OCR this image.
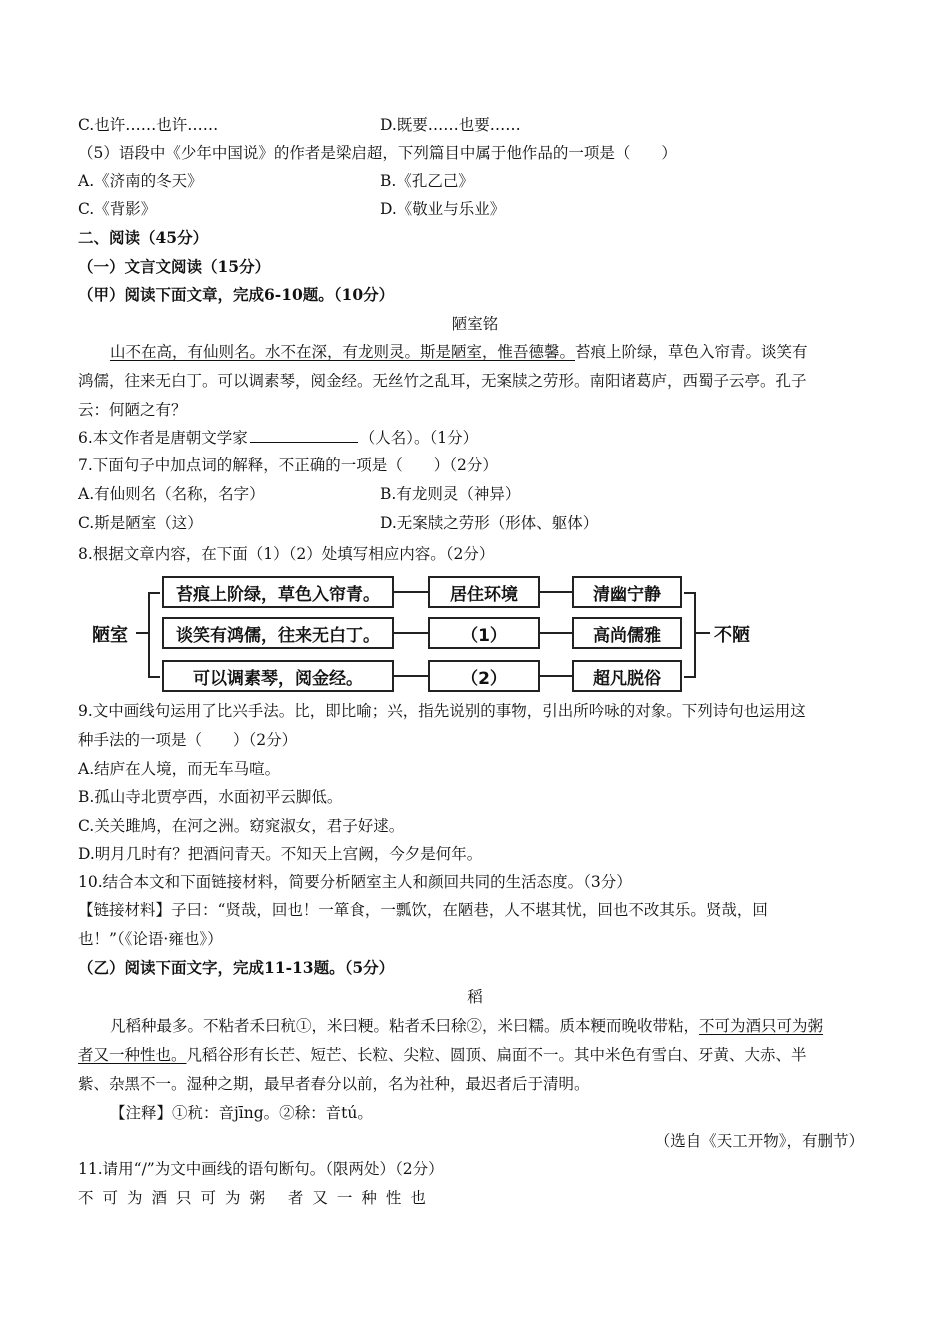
C.也许……也许……	D.既要……也要……
（5）语段中《少年中国说》的作者是梁启超，下列篇目中属于他作品的一项是（　　）
A.《济南的冬天》	B.《孔乙己》
C.《背影》	D.《敬业与乐业》
二、阅读（45分）
（一）文言文阅读（15分）
（甲）阅读下面文章，完成6-10题。（10分）
陋室铭
山不在高，有仙则名。水不在深，有龙则灵。斯是陋室，惟吾德馨。苔痕上阶绿，草色入帘青。谈笑有
鸿儒，往来无白丁。可以调素琴，阅金经。无丝竹之乱耳，无案牍之劳形。南阳诸葛庐，西蜀子云亭。孔子
云：何陋之有？
6.本文作者是唐朝文学家	（人名）。（1分）
7.下面句子中加点词的解释，不正确的一项是（　　）（2分）
A.有仙则名（名称，名字）	B.有龙则灵（神异）
C.斯是陋室（这）	D.无案牍之劳形（形体、躯体）
8.根据文章内容，在下面（1）（2）处填写相应内容。（2分）
陋室	不陋
苔痕上阶绿，草色入帘青。	居住环境	清幽宁静
谈笑有鸿儒，往来无白丁。	（1）	高尚儒雅
可以调素琴，阅金经。	（2）	超凡脱俗
9.文中画线句运用了比兴手法。比，即比喻；兴，指先说别的事物，引出所吟咏的对象。下列诗句也运用这
种手法的一项是（　　）（2分）
A.结庐在人境，而无车马喧。
B.孤山寺北贾亭西，水面初平云脚低。
C.关关雎鸠，在河之洲。窈窕淑女，君子好逑。
D.明月几时有？把酒问青天。不知天上宫阙，今夕是何年。
10.结合本文和下面链接材料，简要分析陋室主人和颜回共同的生活态度。（3分）
【链接材料】子曰：“贤哉，回也！一箪食，一瓢饮，在陋巷，人不堪其忧，回也不改其乐。贤哉，回
也！”（《论语·雍也》）
（乙）阅读下面文字，完成11-13题。（5分）
稻
凡稻种最多。不粘者禾曰秔①，米曰粳。粘者禾曰稌②，米曰糯。质本粳而晚收带粘，不可为酒只可为粥
者又一种性也。凡稻谷形有长芒、短芒、长粒、尖粒、圆顶、扁面不一。其中米色有雪白、牙黄、大赤、半
紫、杂黑不一。湿种之期，最早者春分以前，名为社种，最迟者后于清明。
【注释】①秔：音jīng。②稌：音tú。
（选自《天工开物》，有删节）
11.请用“/”为文中画线的语句断句。（限两处）（2分）
不可为酒只可为粥 者又一种性也
